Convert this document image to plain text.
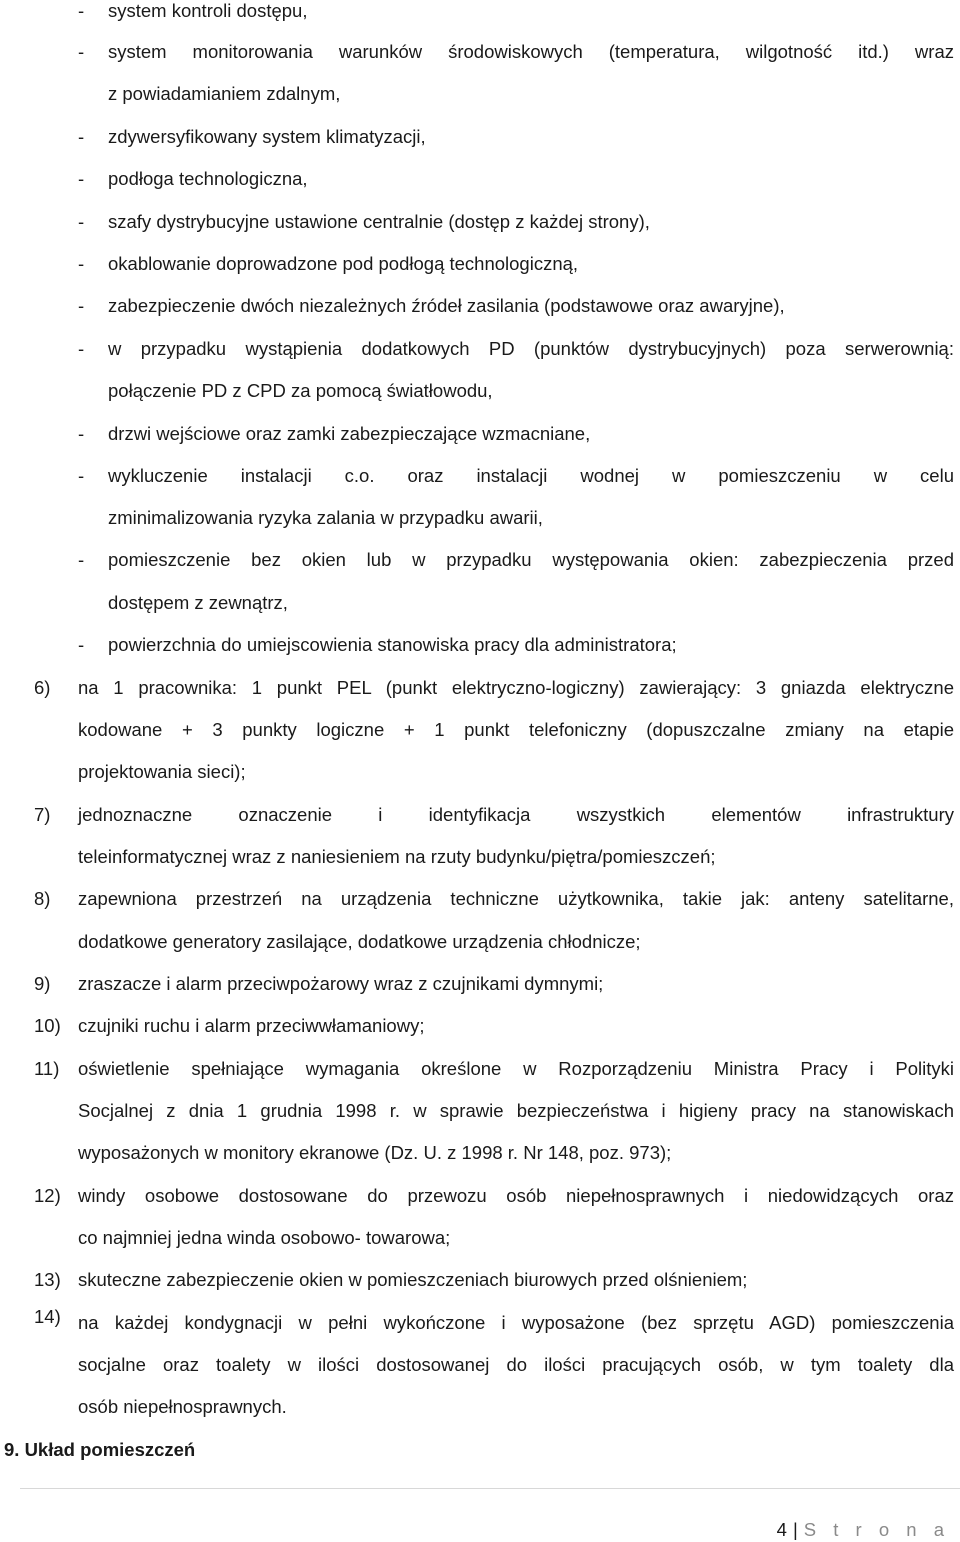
- system kontroli dostępu,
- system monitorowania warunków środowiskowych (temperatura, wilgotność itd.) wraz
z powiadamianiem zdalnym,
- zdywersyfikowany system klimatyzacji,
- podłoga technologiczna,
- szafy dystrybucyjne ustawione centralnie (dostęp z każdej strony),
- okablowanie doprowadzone pod podłogą technologiczną,
- zabezpieczenie dwóch niezależnych źródeł zasilania (podstawowe oraz awaryjne),
- w przypadku wystąpienia dodatkowych PD (punktów dystrybucyjnych) poza serwerownią:
połączenie PD z CPD za pomocą światłowodu,
- drzwi wejściowe oraz zamki zabezpieczające wzmacniane,
- wykluczenie instalacji c.o. oraz instalacji wodnej w pomieszczeniu w celu
zminimalizowania ryzyka zalania w przypadku awarii,
- pomieszczenie bez okien lub w przypadku występowania okien: zabezpieczenia przed
dostępem z zewnątrz,
- powierzchnia do umiejscowienia stanowiska pracy dla administratora;
6) na 1 pracownika: 1 punkt PEL (punkt elektryczno-logiczny) zawierający: 3 gniazda elektryczne
kodowane + 3 punkty logiczne + 1 punkt telefoniczny (dopuszczalne zmiany na etapie
projektowania sieci);
7) jednoznaczne oznaczenie i identyfikacja wszystkich elementów infrastruktury
teleinformatycznej wraz z naniesieniem na rzuty budynku/piętra/pomieszczeń;
8) zapewniona przestrzeń na urządzenia techniczne użytkownika, takie jak: anteny satelitarne,
dodatkowe generatory zasilające, dodatkowe urządzenia chłodnicze;
9) zraszacze i alarm przeciwpożarowy wraz z czujnikami dymnymi;
10) czujniki ruchu i alarm przeciwwłamaniowy;
11) oświetlenie spełniające wymagania określone w Rozporządzeniu Ministra Pracy i Polityki
Socjalnej z dnia 1 grudnia 1998 r. w sprawie bezpieczeństwa i higieny pracy na stanowiskach
wyposażonych w monitory ekranowe (Dz. U. z 1998 r. Nr 148, poz. 973);
12) windy osobowe dostosowane do przewozu osób niepełnosprawnych i niedowidzących oraz
co najmniej jedna winda osobowo- towarowa;
13) skuteczne zabezpieczenie okien w pomieszczeniach biurowych przed olśnieniem;
14) na każdej kondygnacji w pełni wykończone i wyposażone (bez sprzętu AGD) pomieszczenia
socjalne oraz toalety w ilości dostosowanej do ilości pracujących osób, w tym toalety dla
osób niepełnosprawnych.
9. Układ pomieszczeń
4 | S t r o n a
